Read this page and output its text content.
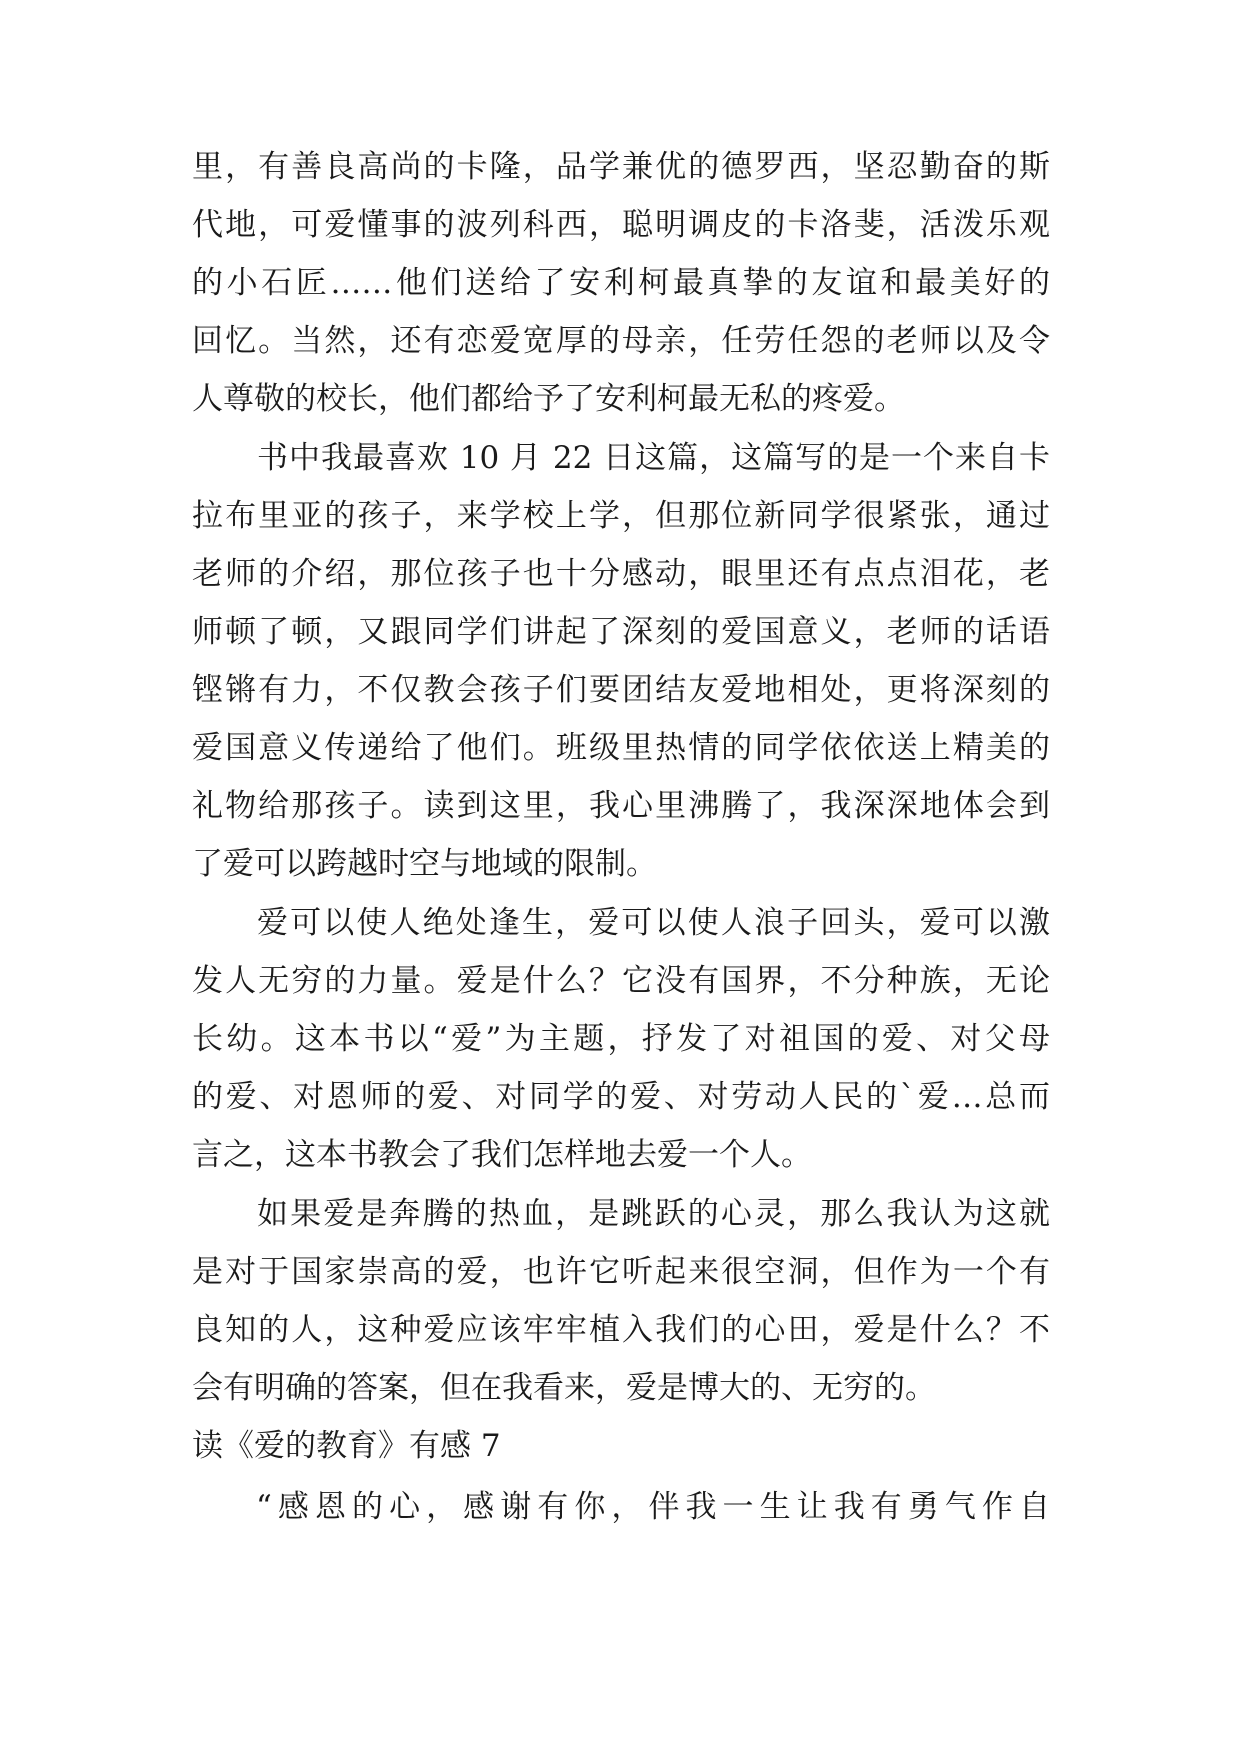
里，有善良高尚的卡隆，品学兼优的德罗西，坚忍勤奋的斯
代地，可爱懂事的波列科西，聪明调皮的卡洛斐，活泼乐观
的小石匠……他们送给了安利柯最真挚的友谊和最美好的
回忆。当然，还有恋爱宽厚的母亲，任劳任怨的老师以及令
人尊敬的校长，他们都给予了安利柯最无私的疼爱。
书中我最喜欢 10 月 22 日这篇，这篇写的是一个来自卡
拉布里亚的孩子，来学校上学，但那位新同学很紧张，通过
老师的介绍，那位孩子也十分感动，眼里还有点点泪花，老
师顿了顿，又跟同学们讲起了深刻的爱国意义，老师的话语
铿锵有力，不仅教会孩子们要团结友爱地相处，更将深刻的
爱国意义传递给了他们。班级里热情的同学依依送上精美的
礼物给那孩子。读到这里，我心里沸腾了，我深深地体会到
了爱可以跨越时空与地域的限制。
爱可以使人绝处逢生，爱可以使人浪子回头，爱可以激
发人无穷的力量。爱是什么？它没有国界，不分种族，无论
长幼。这本书以“爱”为主题，抒发了对祖国的爱、对父母
的爱、对恩师的爱、对同学的爱、对劳动人民的`爱…总而
言之，这本书教会了我们怎样地去爱一个人。
如果爱是奔腾的热血，是跳跃的心灵，那么我认为这就
是对于国家崇高的爱，也许它听起来很空洞，但作为一个有
良知的人，这种爱应该牢牢植入我们的心田，爱是什么？不
会有明确的答案，但在我看来，爱是博大的、无穷的。
读《爱的教育》有感 7
“感恩的心，感谢有你，伴我一生让我有勇气作自
